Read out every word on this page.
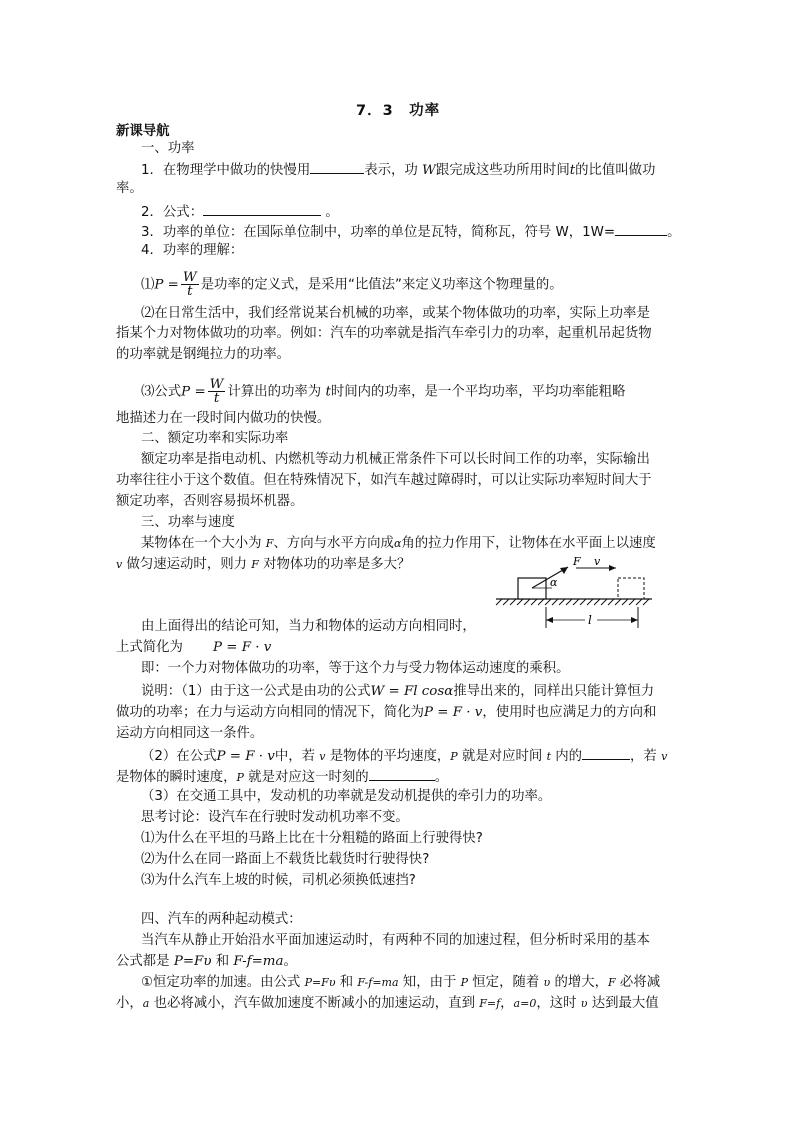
7．3　功率
新课导航
一、功率
1．在物理学中做功的快慢用	表示，功 W跟完成这些功所用时间t的比值叫做功
率。
2．公式：	。
3．功率的单位：在国际单位制中，功率的单位是瓦特，简称瓦，符号 W，1W=	。
4．功率的理解：
⑴P = $\frac{W}{t}$ 是功率的定义式，是采用“比值法”来定义功率这个物理量的。
⑵在日常生活中，我们经常说某台机械的功率，或某个物体做功的功率，实际上功率是
指某个力对物体做功的功率。例如：汽车的功率就是指汽车牵引力的功率，起重机吊起货物
的功率就是钢绳拉力的功率。
⑶公式$P = \frac{W}{t}$ 计算出的功率为 t时间内的功率，是一个平均功率，平均功率能粗略
地描述力在一段时间内做功的快慢。
二、额定功率和实际功率
额定功率是指电动机、内燃机等动力机械正常条件下可以长时间工作的功率，实际输出
功率往往小于这个数值。但在特殊情况下，如汽车越过障碍时，可以让实际功率短时间大于
额定功率，否则容易损坏机器。
三、功率与速度
某物体在一个大小为 F、方向与水平方向成α角的拉力作用下，让物体在水平面上以速度
v 做匀速运动时，则力 F 对物体功的功率是多大？	F v
α
l
由上面得出的结论可知，当力和物体的运动方向相同时，
上式简化为 P = F · v
即：一个力对物体做功的功率，等于这个力与受力物体运动速度的乘积。
说明：（1）由于这一公式是由功的公式W = Fl cosα推导出来的，同样出只能计算恒力
做功的功率；在力与运动方向相同的情况下，简化为P = F · v，使用时也应满足力的方向和
运动方向相同这一条件。
（2）在公式P = F · v中，若 v 是物体的平均速度，P 就是对应时间 t 内的	，若 v
是物体的瞬时速度，P 就是对应这一时刻的	。
（3）在交通工具中，发动机的功率就是发动机提供的牵引力的功率。
思考讨论：设汽车在行驶时发动机功率不变。
⑴为什么在平坦的马路上比在十分粗糙的路面上行驶得快?
⑵为什么在同一路面上不载货比载货时行驶得快?
⑶为什么汽车上坡的时候，司机必须换低速挡?
四、汽车的两种起动模式：
当汽车从静止开始沿水平面加速运动时，有两种不同的加速过程，但分析时采用的基本
公式都是 P=Fυ 和 F-f=ma。
①恒定功率的加速。由公式 P=Fυ 和 F-f=ma 知，由于 P 恒定，随着 υ 的增大，F 必将减
小，a 也必将减小，汽车做加速度不断减小的加速运动，直到 F=f，a=0，这时 υ 达到最大值
